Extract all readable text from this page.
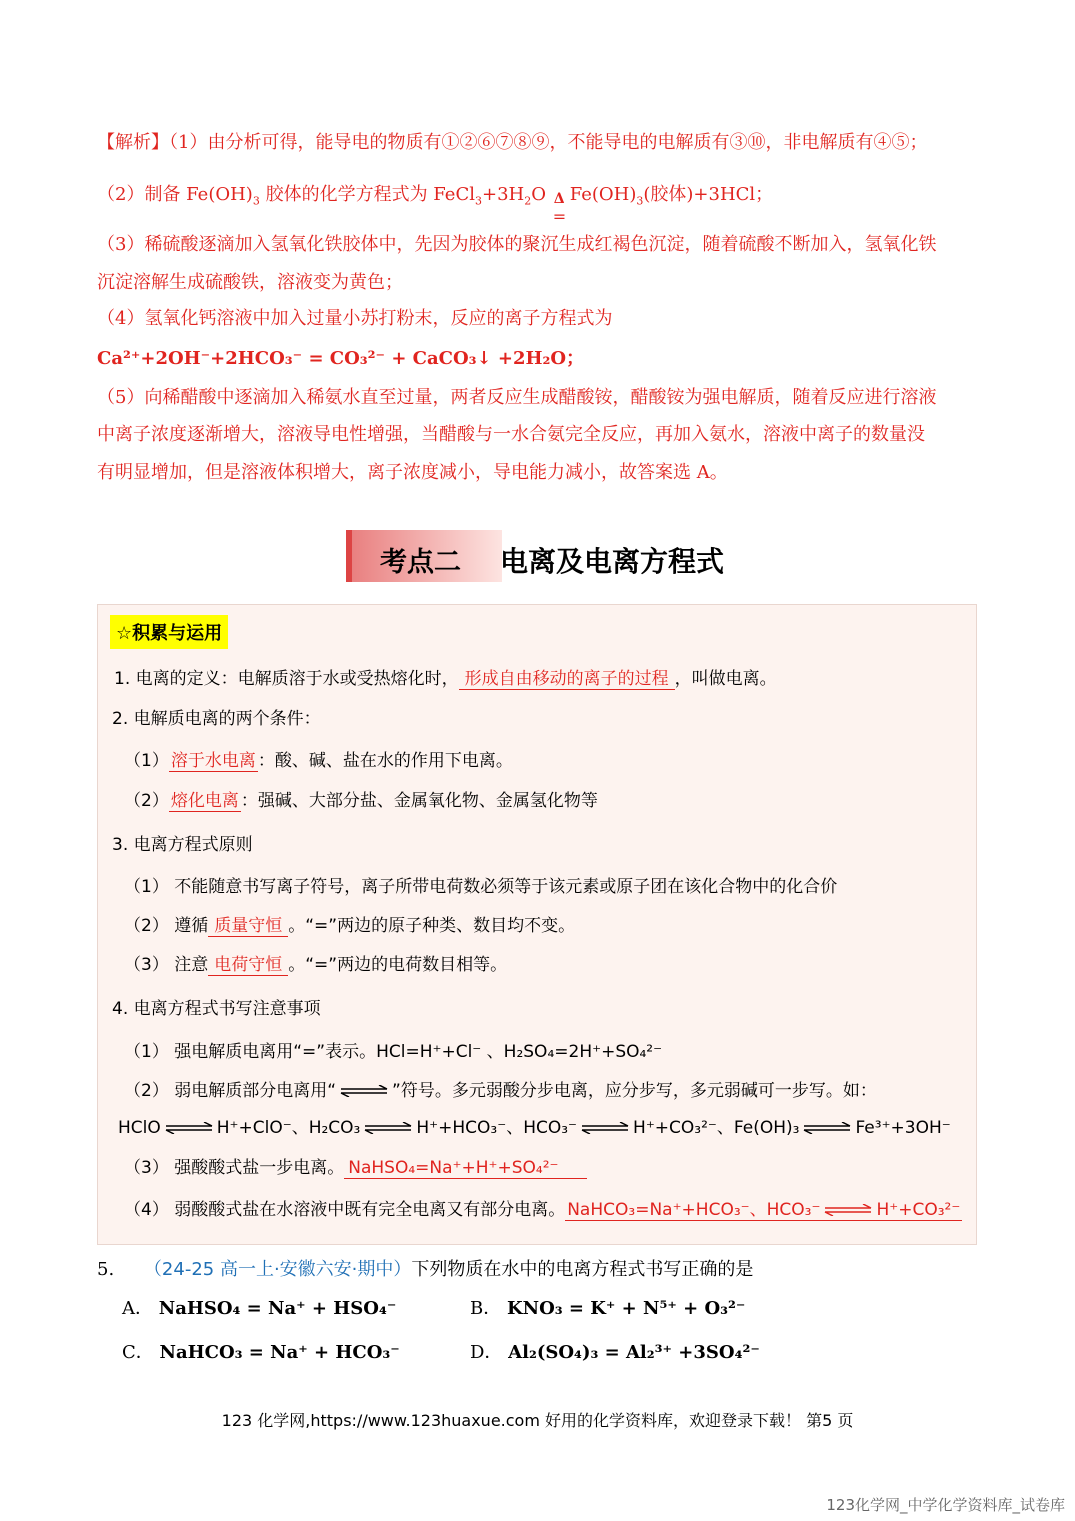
【解析】（1）由分析可得，能导电的物质有①②⑥⑦⑧⑨，不能导电的电解质有③⑩，非电解质有④⑤；
（2）制备 $Fe(OH)_3$ 胶体的化学方程式为 $FeCl_3+3H_2O$ Δ
=
$Fe(OH)_3$(胶体)+3HCl；
（3）稀硫酸逐滴加入氢氧化铁胶体中，先因为胶体的聚沉生成红褐色沉淀，随着硫酸不断加入，氢氧化铁
沉淀溶解生成硫酸铁，溶液变为黄色；
（4）氢氧化钙溶液中加入过量小苏打粉末，反应的离子方程式为
Ca²⁺+2OH⁻+2HCO₃⁻ = CO₃²⁻ + CaCO₃↓ +2H₂O；
（5）向稀醋酸中逐滴加入稀氨水直至过量，两者反应生成醋酸铵，醋酸铵为强电解质，随着反应进行溶液
中离子浓度逐渐增大，溶液导电性增强，当醋酸与一水合氨完全反应，再加入氨水，溶液中离子的数量没
有明显增加，但是溶液体积增大，离子浓度减小，导电能力减小，故答案选 A。
考点二 电离及电离方程式
☆积累与运用
1. 电离的定义：电解质溶于水或受热熔化时， 形成自由移动的离子的过程 ，叫做电离。
2. 电解质电离的两个条件：
（1） 溶于水电离 ：酸、碱、盐在水的作用下电离。
（2） 熔化电离 ：强碱、大部分盐、金属氧化物、金属氢化物等
3. 电离方程式原则
（1） 不能随意书写离子符号，离子所带电荷数必须等于该元素或原子团在该化合物中的化合价
（2） 遵循 质量守恒 。“=”两边的原子种类、数目均不变。
（3） 注意 电荷守恒 。“=”两边的电荷数目相等。
4. 电离方程式书写注意事项
（1） 强电解质电离用“=”表示。HCl=H⁺+Cl⁻ 、H₂SO₄=2H⁺+SO₄²⁻
（2） 弱电解质部分电离用“ ⇌ ”符号。多元弱酸分步电离，应分步写，多元弱碱可一步写。如：
HClO ⇌ H⁺+ClO⁻、H₂CO₃ ⇌ H⁺+HCO₃⁻、HCO₃⁻ ⇌ H⁺+CO₃²⁻、Fe(OH)₃ ⇌ Fe³⁺+3OH⁻
（3） 强酸酸式盐一步电离。 NaHSO₄=Na⁺+H⁺+SO₄²⁻
（4） 弱酸酸式盐在水溶液中既有完全电离又有部分电离。 NaHCO₃=Na⁺+HCO₃⁻、HCO₃⁻ ⇌ H⁺+CO₃²⁻
5. （24-25 高一上·安徽六安·期中）下列物质在水中的电离方程式书写正确的是
A． NaHSO₄ = Na⁺ + HSO₄⁻	B． KNO₃ = K⁺ + N⁵⁺ + O₃²⁻
C． NaHCO₃ = Na⁺ + HCO₃⁻	D． Al₂(SO₄)₃ = Al₂³⁺ +3SO₄²⁻
123 化学网,https://www.123huaxue.com 好用的化学资料库，欢迎登录下载！ 第5 页
123化学网_中学化学资料库_试卷库
